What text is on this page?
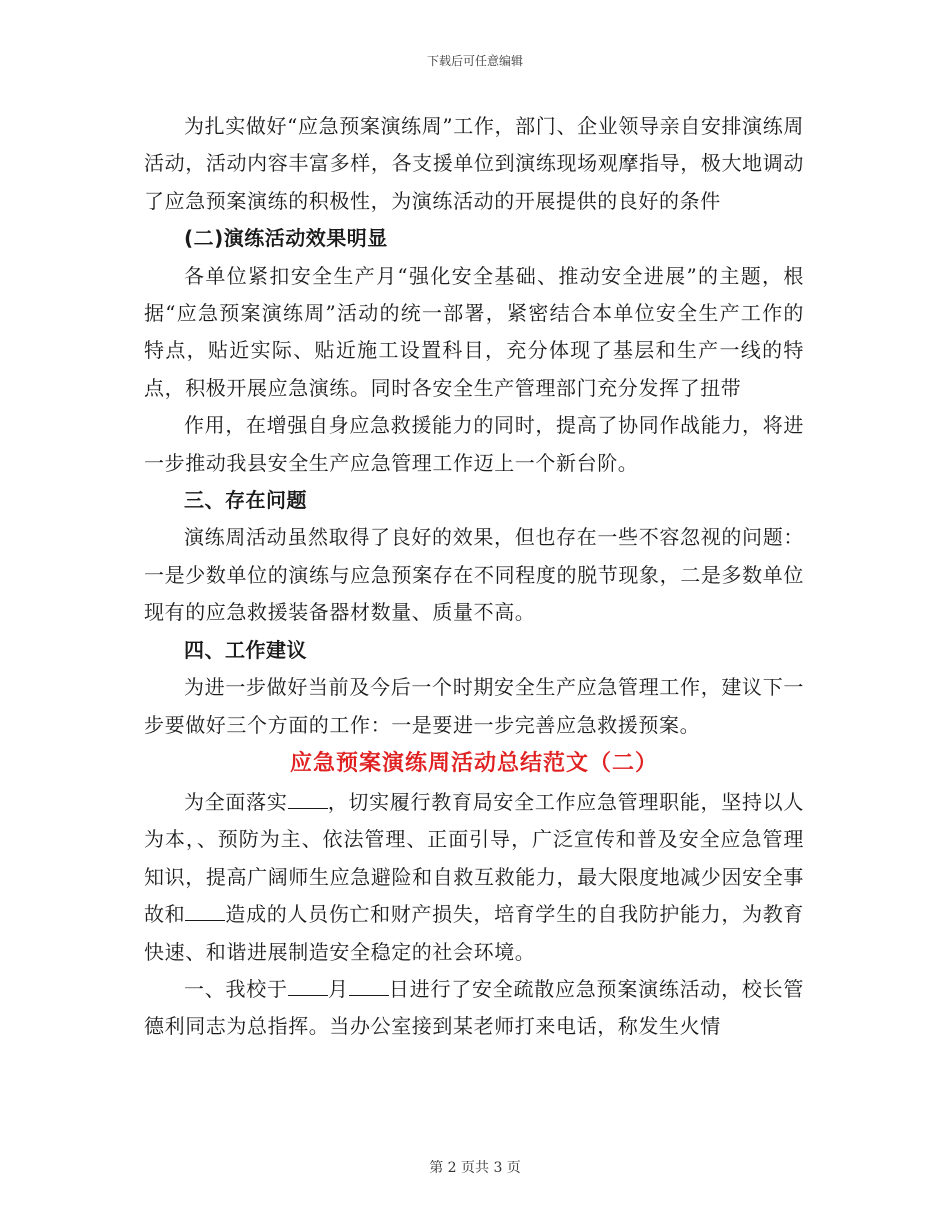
下载后可任意编辑

为扎实做好“应急预案演练周”工作，部门、企业领导亲自安排演练周活动，活动内容丰富多样，各支援单位到演练现场观摩指导，极大地调动了应急预案演练的积极性，为演练活动的开展提供的良好的条件

(二)演练活动效果明显

各单位紧扣安全生产月“强化安全基础、推动安全进展”的主题，根据“应急预案演练周”活动的统一部署，紧密结合本单位安全生产工作的特点，贴近实际、贴近施工设置科目，充分体现了基层和生产一线的特点，积极开展应急演练。同时各安全生产管理部门充分发挥了扭带

作用，在增强自身应急救援能力的同时，提高了协同作战能力，将进一步推动我县安全生产应急管理工作迈上一个新台阶。

三、存在问题

演练周活动虽然取得了良好的效果，但也存在一些不容忽视的问题：一是少数单位的演练与应急预案存在不同程度的脱节现象，二是多数单位现有的应急救援装备器材数量、质量不高。

四、工作建议

为进一步做好当前及今后一个时期安全生产应急管理工作，建议下一步要做好三个方面的工作：一是要进一步完善应急救援预案。

应急预案演练周活动总结范文（二）

为全面落实 ，切实履行教育局安全工作应急管理职能，坚持以人为本，、预防为主、依法管理、正面引导，广泛宣传和普及安全应急管理知识，提高广阔师生应急避险和自救互救能力，最大限度地减少因安全事故和 造成的人员伤亡和财产损失，培育学生的自我防护能力，为教育快速、和谐进展制造安全稳定的社会环境。

一、我校于 月 日进行了安全疏散应急预案演练活动，校长管德利同志为总指挥。当办公室接到某老师打来电话，称发生火情

第 2 页共 3 页
